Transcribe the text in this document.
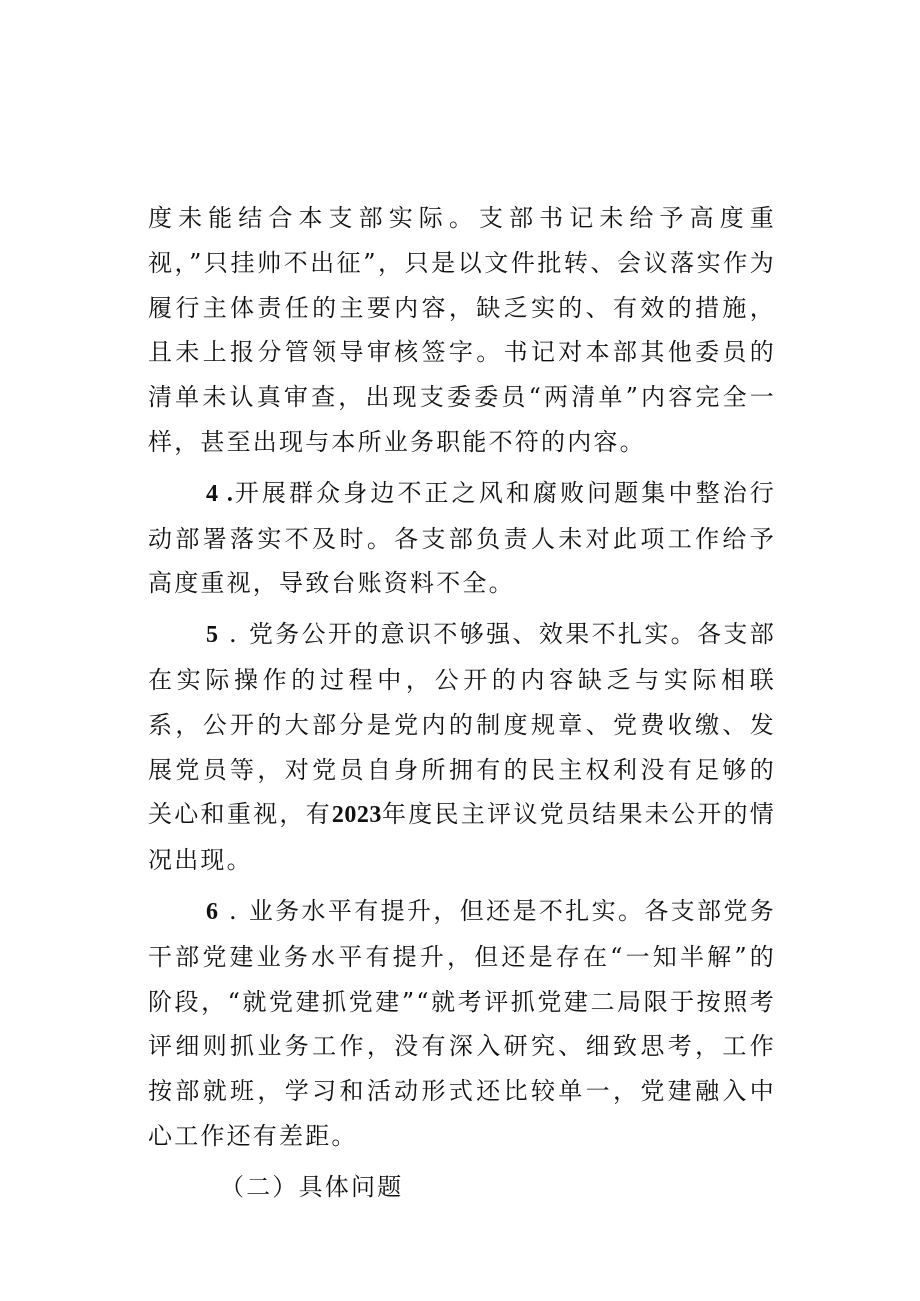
度未能结合本支部实际。支部书记未给予高度重视，”只挂帅不出征”，只是以文件批转、会议落实作为履行主体责任的主要内容，缺乏实的、有效的措施，且未上报分管领导审核签字。书记对本部其他委员的清单未认真审查，出现支委委员“两清单”内容完全一样，甚至出现与本所业务职能不符的内容。

4 .开展群众身边不正之风和腐败问题集中整治行动部署落实不及时。各支部负责人未对此项工作给予高度重视，导致台账资料不全。

5 . 党务公开的意识不够强、效果不扎实。各支部在实际操作的过程中，公开的内容缺乏与实际相联系，公开的大部分是党内的制度规章、党费收缴、发展党员等，对党员自身所拥有的民主权利没有足够的关心和重视，有2023年度民主评议党员结果未公开的情况出现。

6 . 业务水平有提升，但还是不扎实。各支部党务干部党建业务水平有提升，但还是存在“一知半解”的阶段，“就党建抓党建”“就考评抓党建二局限于按照考评细则抓业务工作，没有深入研究、细致思考，工作按部就班，学习和活动形式还比较单一，党建融入中心工作还有差距。

（二）具体问题
